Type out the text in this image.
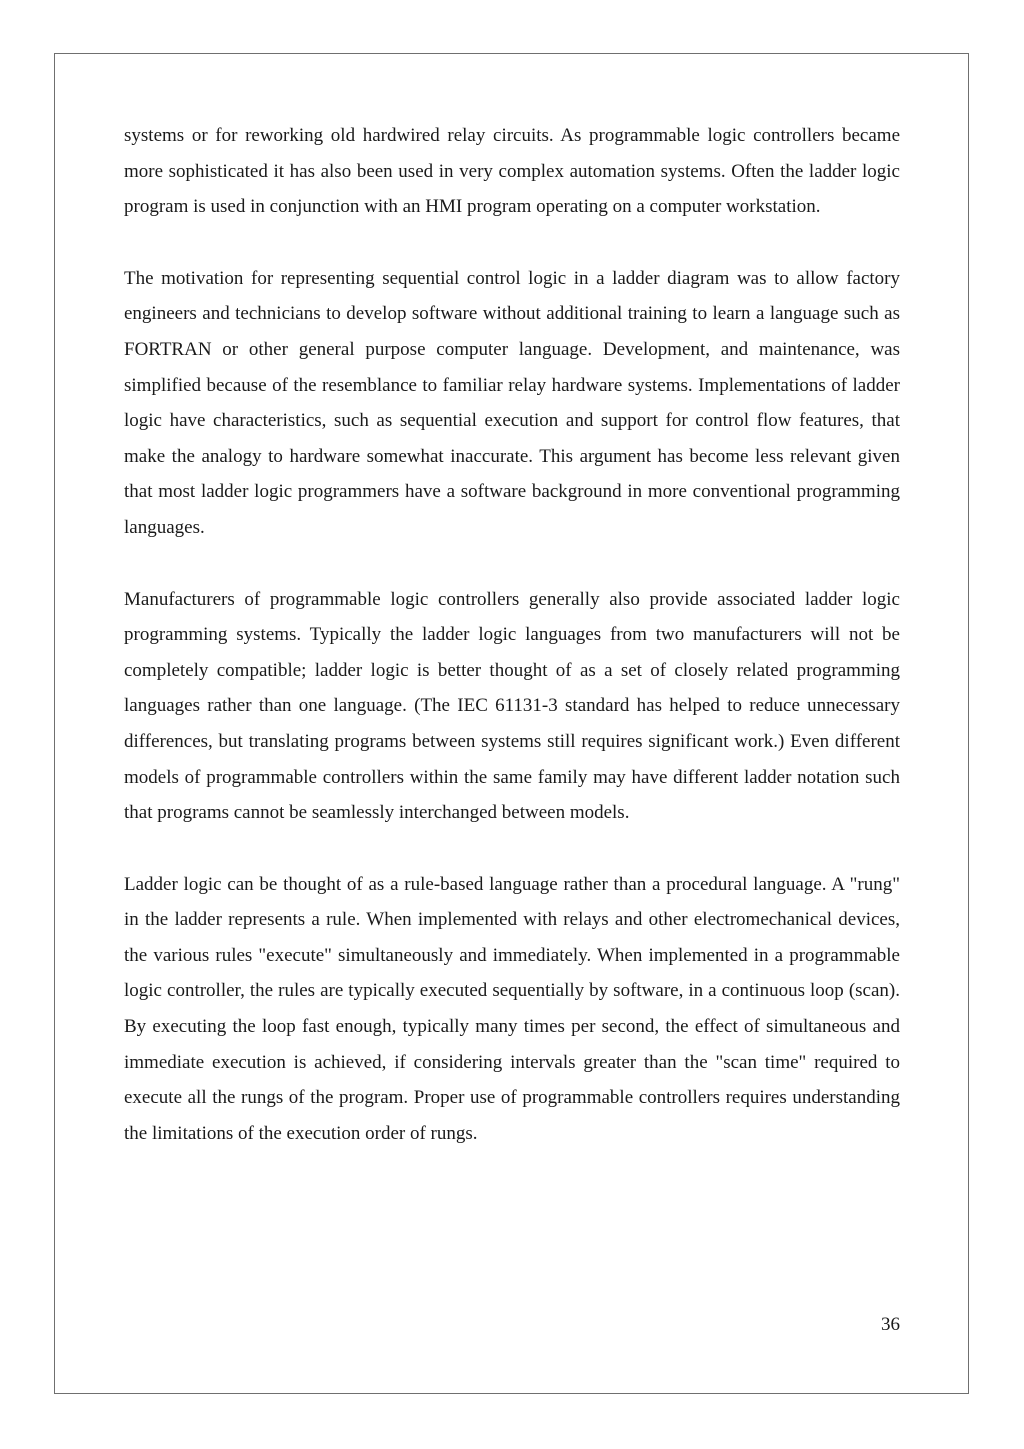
systems or for reworking old hardwired relay circuits. As programmable logic controllers became more sophisticated it has also been used in very complex automation systems. Often the ladder logic program is used in conjunction with an HMI program operating on a computer workstation.

The motivation for representing sequential control logic in a ladder diagram was to allow factory engineers and technicians to develop software without additional training to learn a language such as FORTRAN or other general purpose computer language. Development, and maintenance, was simplified because of the resemblance to familiar relay hardware systems. Implementations of ladder logic have characteristics, such as sequential execution and support for control flow features, that make the analogy to hardware somewhat inaccurate. This argument has become less relevant given that most ladder logic programmers have a software background in more conventional programming languages.

Manufacturers of programmable logic controllers generally also provide associated ladder logic programming systems. Typically the ladder logic languages from two manufacturers will not be completely compatible; ladder logic is better thought of as a set of closely related programming languages rather than one language. (The IEC 61131-3 standard has helped to reduce unnecessary differences, but translating programs between systems still requires significant work.) Even different models of programmable controllers within the same family may have different ladder notation such that programs cannot be seamlessly interchanged between models.

Ladder logic can be thought of as a rule-based language rather than a procedural language. A "rung" in the ladder represents a rule. When implemented with relays and other electromechanical devices, the various rules "execute" simultaneously and immediately. When implemented in a programmable logic controller, the rules are typically executed sequentially by software, in a continuous loop (scan). By executing the loop fast enough, typically many times per second, the effect of simultaneous and immediate execution is achieved, if considering intervals greater than the "scan time" required to execute all the rungs of the program. Proper use of programmable controllers requires understanding the limitations of the execution order of rungs.

36
